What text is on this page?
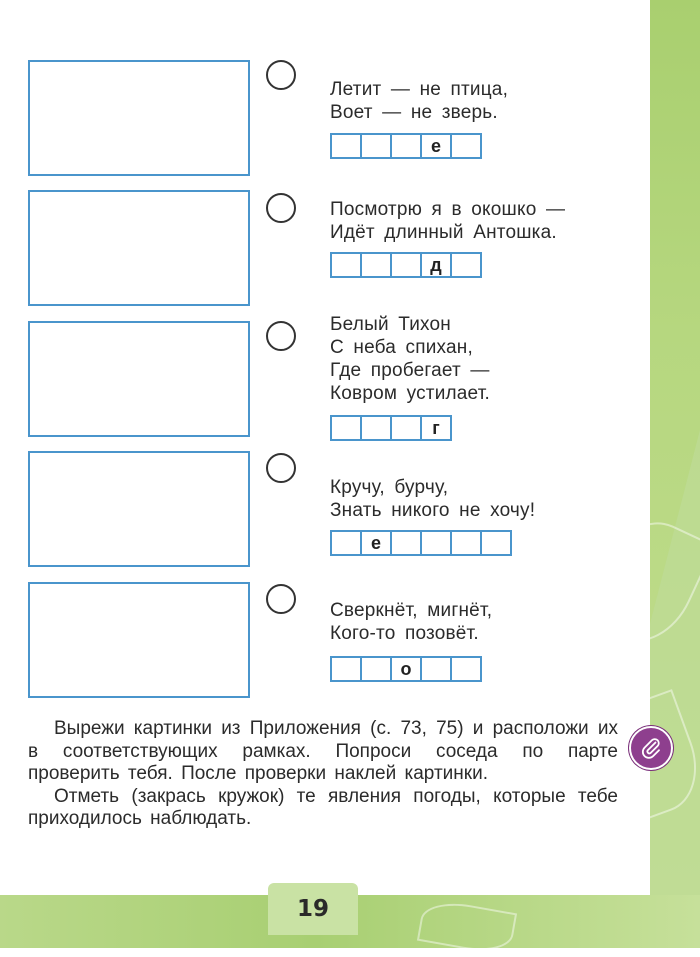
Летит — не птица,
Воет — не зверь.
е
Посмотрю я в окошко —
Идёт длинный Антошка.
д
Белый Тихон
С неба спихан,
Где пробегает —
Ковром устилает.
г
Кручу, бурчу,
Знать никого не хочу!
е
Сверкнёт, мигнёт,
Кого-то позовёт.
о

Вырежи картинки из Приложения (с. 73, 75) и расположи их в соответствующих рамках. Попроси соседа по парте проверить тебя. После проверки наклей картинки.

Отметь (закрась кружок) те явления погоды, которые тебе приходилось наблюдать.

19
